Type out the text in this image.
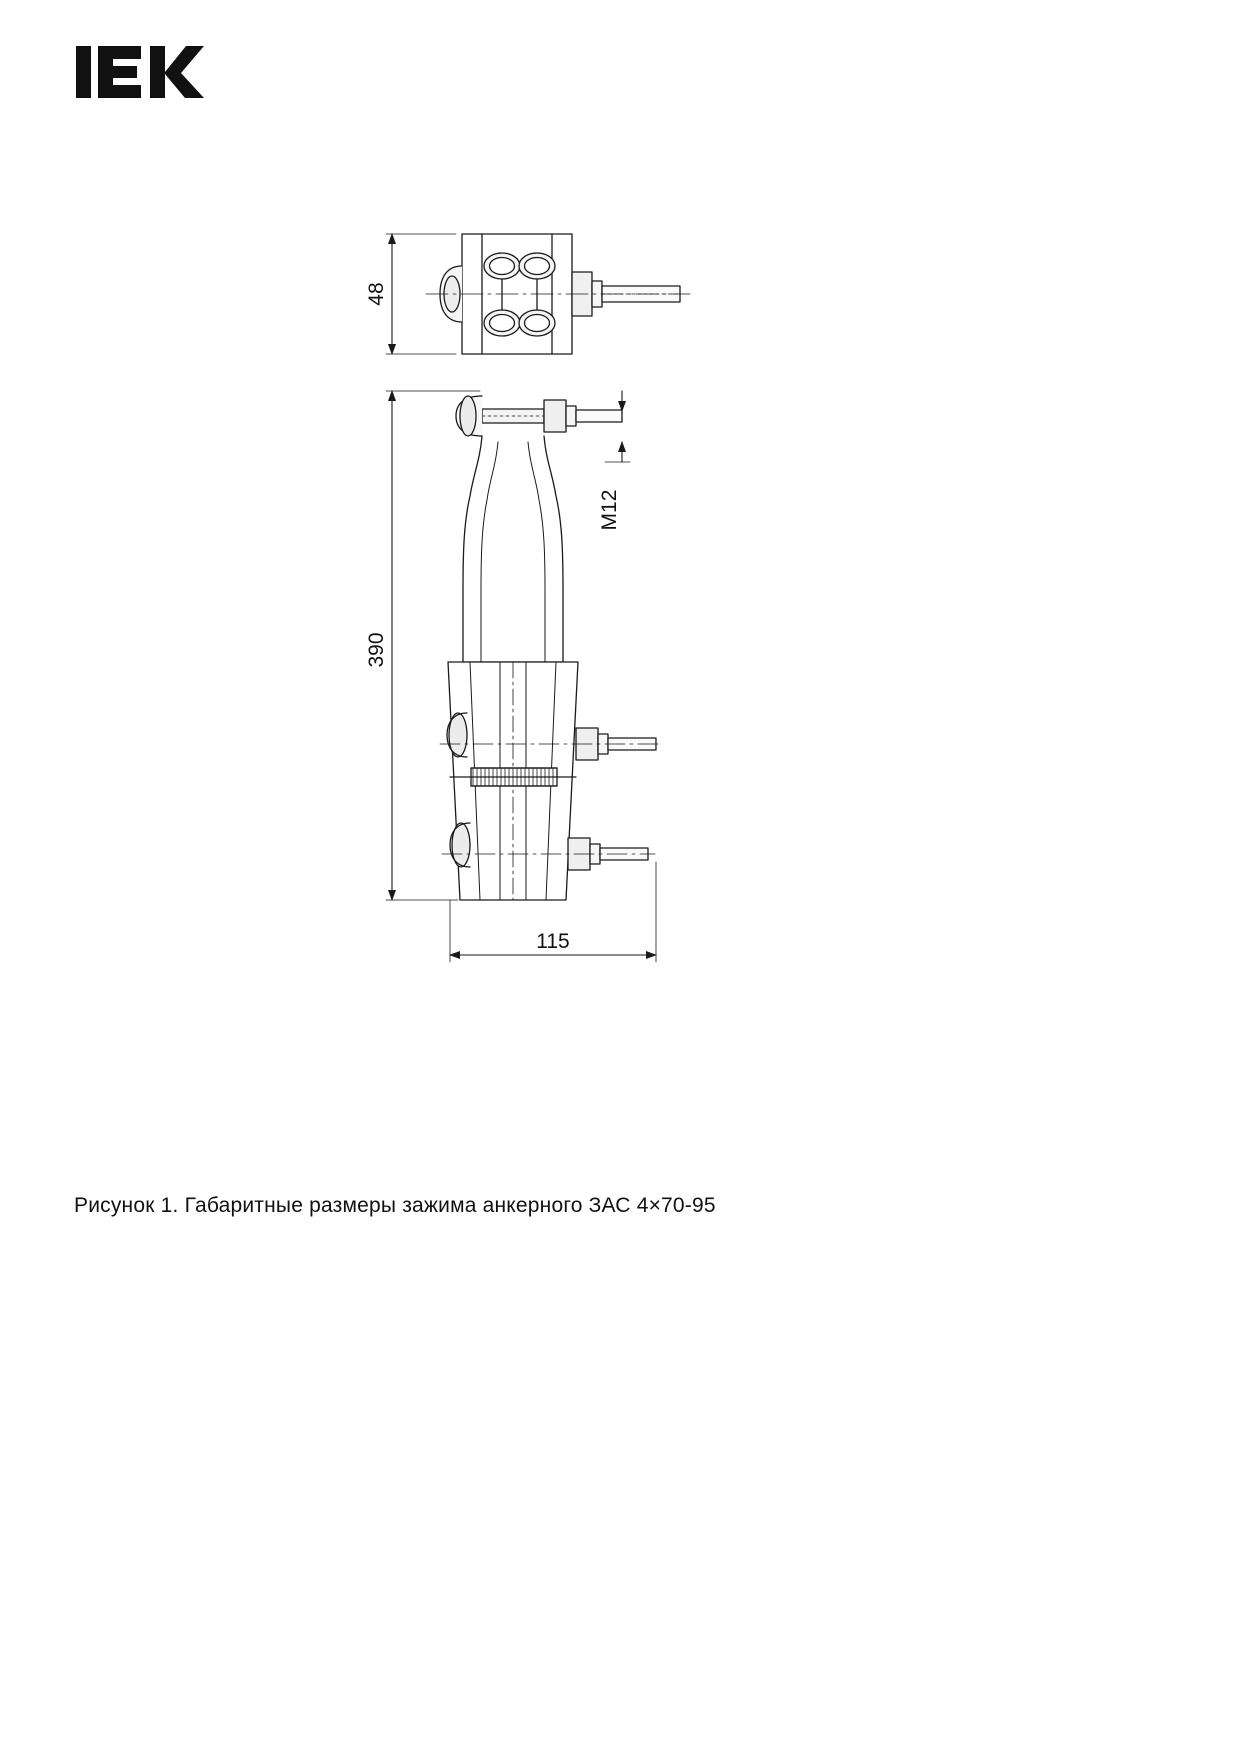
48
390
115
M12
Рисунок 1. Габаритные размеры зажима анкерного ЗАС 4×70-95
